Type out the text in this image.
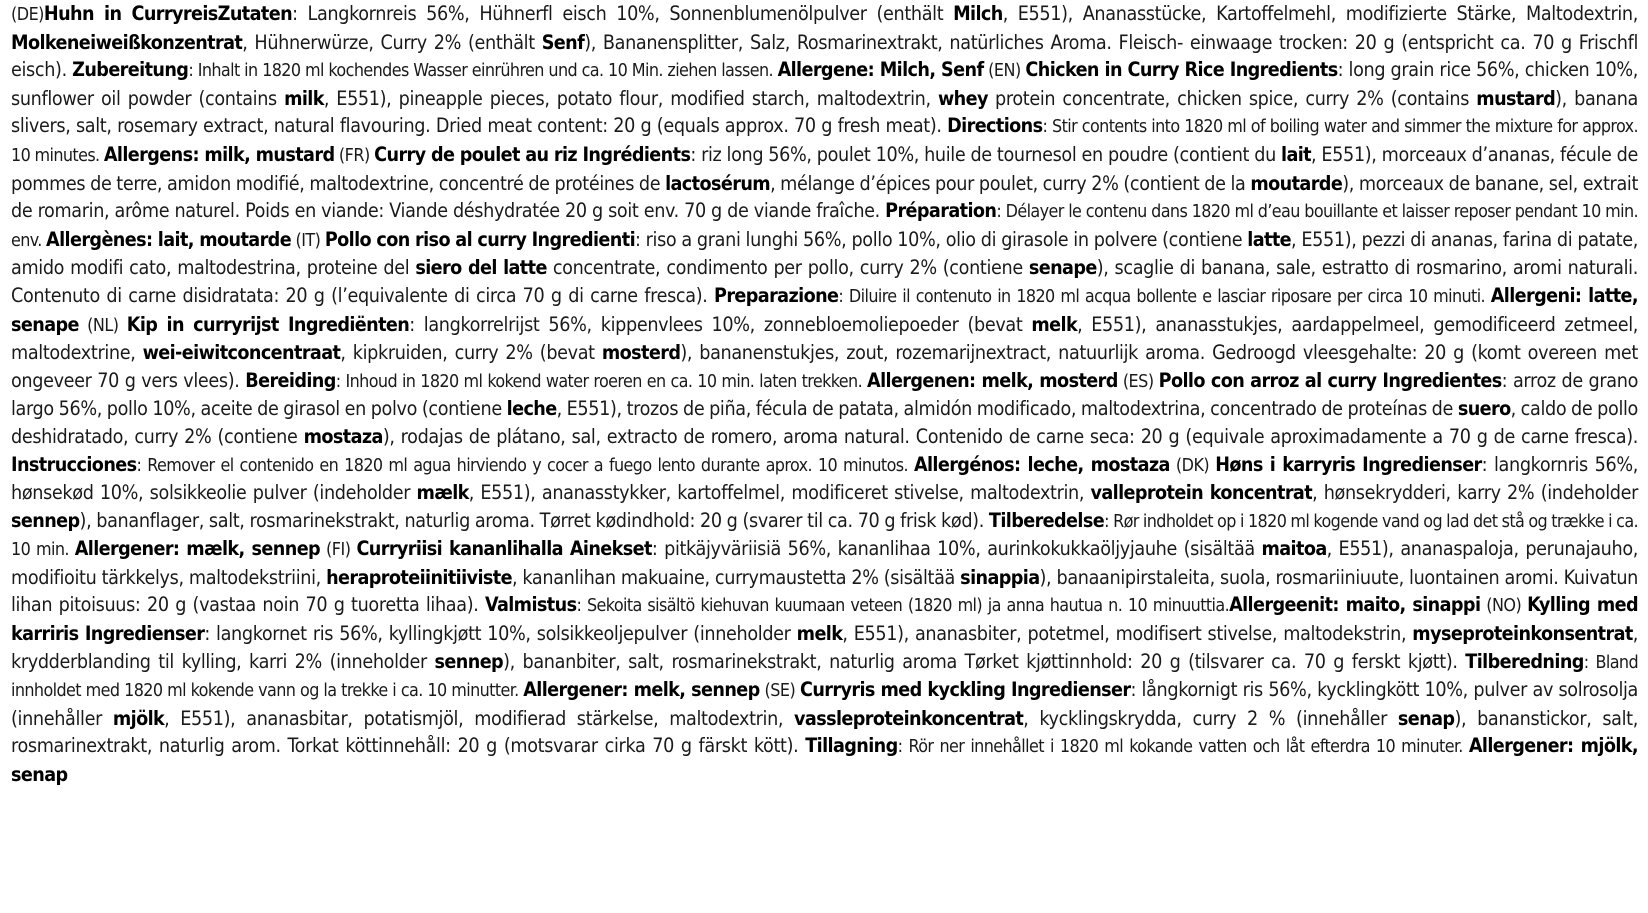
(DE)Huhn in CurryreisZutaten: Langkornreis 56%, Hühnerfl eisch 10%, Sonnenblumenölpulver (enthält Milch, E551), Ananasstücke, Kartoffelmehl, modifizierte Stärke, Maltodextrin, Molkeneiweißkonzentrat, Hühnerwürze, Curry 2% (enthält Senf), Bananensplitter, Salz, Rosmarinextrakt, natürliches Aroma. Fleisch- einwaage trocken: 20 g (entspricht ca. 70 g Frischfl eisch). Zubereitung: Inhalt in 1820 ml kochendes Wasser einrühren und ca. 10 Min. ziehen lassen. Allergene: Milch, Senf (EN) Chicken in Curry Rice Ingredients: long grain rice 56%, chicken 10%, sunflower oil powder (contains milk, E551), pineapple pieces, potato flour, modified starch, maltodextrin, whey protein concentrate, chicken spice, curry 2% (contains mustard), banana slivers, salt, rosemary extract, natural flavouring. Dried meat content: 20 g (equals approx. 70 g fresh meat). Directions: Stir contents into 1820 ml of boiling water and simmer the mixture for approx. 10 minutes. Allergens: milk, mustard (FR) Curry de poulet au riz Ingrédients: riz long 56%, poulet 10%, huile de tournesol en poudre (contient du lait, E551), morceaux d’ananas, fécule de pommes de terre, amidon modifié, maltodextrine, concentré de protéines de lactosérum, mélange d’épices pour poulet, curry 2% (contient de la moutarde), morceaux de banane, sel, extrait de romarin, arôme naturel. Poids en viande: Viande déshydratée 20 g soit env. 70 g de viande fraîche. Préparation: Délayer le contenu dans 1820 ml d’eau bouillante et laisser reposer pendant 10 min. env. Allergènes: lait, moutarde (IT) Pollo con riso al curry Ingredienti: riso a grani lunghi 56%, pollo 10%, olio di girasole in polvere (contiene latte, E551), pezzi di ananas, farina di patate, amido modifi cato, maltodestrina, proteine del siero del latte concentrate, condimento per pollo, curry 2% (contiene senape), scaglie di banana, sale, estratto di rosmarino, aromi naturali. Contenuto di carne disidratata: 20 g (l’equivalente di circa 70 g di carne fresca). Preparazione: Diluire il contenuto in 1820 ml acqua bollente e lasciar riposare per circa 10 minuti. Allergeni: latte, senape (NL) Kip in curryrijst Ingrediënten: langkorrelrijst 56%, kippenvlees 10%, zonnebloemoliepoeder (bevat melk, E551), ananasstukjes, aardappelmeel, gemodificeerd zetmeel, maltodextrine, wei-eiwitconcentraat, kipkruiden, curry 2% (bevat mosterd), bananenstukjes, zout, rozemarijnextract, natuurlijk aroma. Gedroogd vleesgehalte: 20 g (komt overeen met ongeveer 70 g vers vlees). Bereiding: Inhoud in 1820 ml kokend water roeren en ca. 10 min. laten trekken. Allergenen: melk, mosterd (ES) Pollo con arroz al curry Ingredientes: arroz de grano largo 56%, pollo 10%, aceite de girasol en polvo (contiene leche, E551), trozos de piña, fécula de patata, almidón modificado, maltodextrina, concentrado de proteínas de suero, caldo de pollo deshidratado, curry 2% (contiene mostaza), rodajas de plátano, sal, extracto de romero, aroma natural. Contenido de carne seca: 20 g (equivale aproximadamente a 70 g de carne fresca). Instrucciones: Remover el contenido en 1820 ml agua hirviendo y cocer a fuego lento durante aprox. 10 minutos. Allergénos: leche, mostaza (DK) Høns i karryris Ingredienser: langkornris 56%, hønsekød 10%, solsikkeolie pulver (indeholder mælk, E551), ananasstykker, kartoffelmel, modificeret stivelse, maltodextrin, valleprotein koncentrat, hønsekrydderi, karry 2% (indeholder sennep), bananflager, salt, rosmarinekstrakt, naturlig aroma. Tørret kødindhold: 20 g (svarer til ca. 70 g frisk kød). Tilberedelse: Rør indholdet op i 1820 ml kogende vand og lad det stå og trække i ca. 10 min. Allergener: mælk, sennep (FI) Curryriisi kananlihalla Ainekset: pitkäjyväriisiä 56%, kananlihaa 10%, aurinkokukkaöljyjauhe (sisältää maitoa, E551), ananaspaloja, perunajauho, modifioitu tärkkelys, maltodekstriini, heraproteiinitiiviste, kananlihan makuaine, currymaustetta 2% (sisältää sinappia), banaanipirstaleita, suola, rosmariiniuute, luontainen aromi. Kuivatun lihan pitoisuus: 20 g (vastaa noin 70 g tuoretta lihaa). Valmistus: Sekoita sisältö kiehuvan kuumaan veteen (1820 ml) ja anna hautua n. 10 minuuttia.Allergeenit: maito, sinappi (NO) Kylling med karriris Ingredienser: langkornet ris 56%, kyllingkjøtt 10%, solsikkeoljepulver (inneholder melk, E551), ananasbiter, potetmel, modifisert stivelse, maltodekstrin, myseproteinkonsentrat, krydderblanding til kylling, karri 2% (inneholder sennep), bananbiter, salt, rosmarinekstrakt, naturlig aroma Tørket kjøttinnhold: 20 g (tilsvarer ca. 70 g ferskt kjøtt). Tilberedning: Bland innholdet med 1820 ml kokende vann og la trekke i ca. 10 minutter. Allergener: melk, sennep (SE) Curryris med kyckling Ingredienser: långkornigt ris 56%, kycklingkött 10%, pulver av solrosolja (innehåller mjölk, E551), ananasbitar, potatismjöl, modifierad stärkelse, maltodextrin, vassleproteinkoncentrat, kycklingskrydda, curry 2 % (innehåller senap), bananstickor, salt, rosmarinextrakt, naturlig arom. Torkat köttinnehåll: 20 g (motsvarar cirka 70 g färskt kött). Tillagning: Rör ner innehållet i 1820 ml kokande vatten och låt efterdra 10 minuter. Allergener: mjölk, senap
